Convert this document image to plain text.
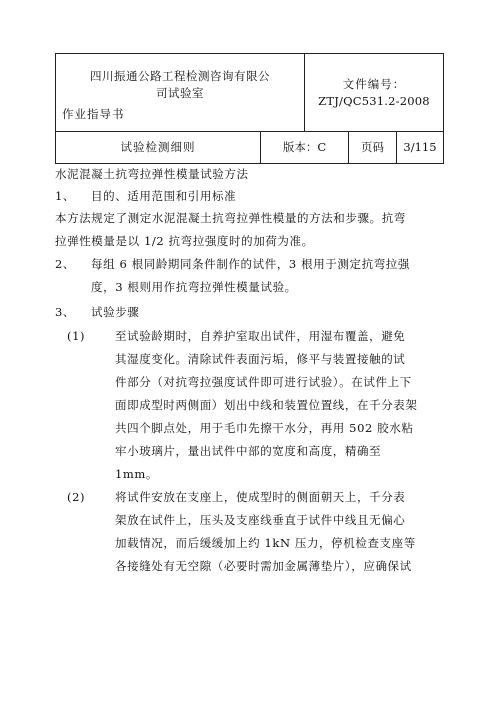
四川振通公路工程检测咨询有限公
司试验室
作业指导书		文件编号：
ZTJ/QC531.2-2008		

试验检测细则	版本：C		页码	3/115

水泥混凝土抗弯拉弹性模量试验方法

1、 目的、适用范围和引用标准

本方法规定了测定水泥混凝土抗弯拉弹性模量的方法和步骤。抗弯

拉弹性模量是以 1/2 抗弯拉强度时的加荷为准。

2、 每组 6 根同龄期同条件制作的试件，3 根用于测定抗弯拉强

度，3 根则用作抗弯拉弹性模量试验。

3、 试验步骤

(1)	至试验龄期时，自养护室取出试件，用湿布覆盖，避免

其湿度变化。清除试件表面污垢，修平与装置接触的试

件部分（对抗弯拉强度试件即可进行试验）。在试件上下

面即成型时两侧面）划出中线和装置位置线，在千分表架

共四个脚点处，用于毛巾先擦干水分，再用 502 胶水粘

牢小玻璃片，量出试件中部的宽度和高度，精确至

1mm。

(2)	将试件安放在支座上，使成型时的侧面朝天上，千分表

架放在试件上，压头及支座线垂直于试件中线且无偏心

加载情况，而后缓缓加上约 1kN 压力，停机检查支座等

各接缝处有无空隙（必要时需加金属薄垫片），应确保试
